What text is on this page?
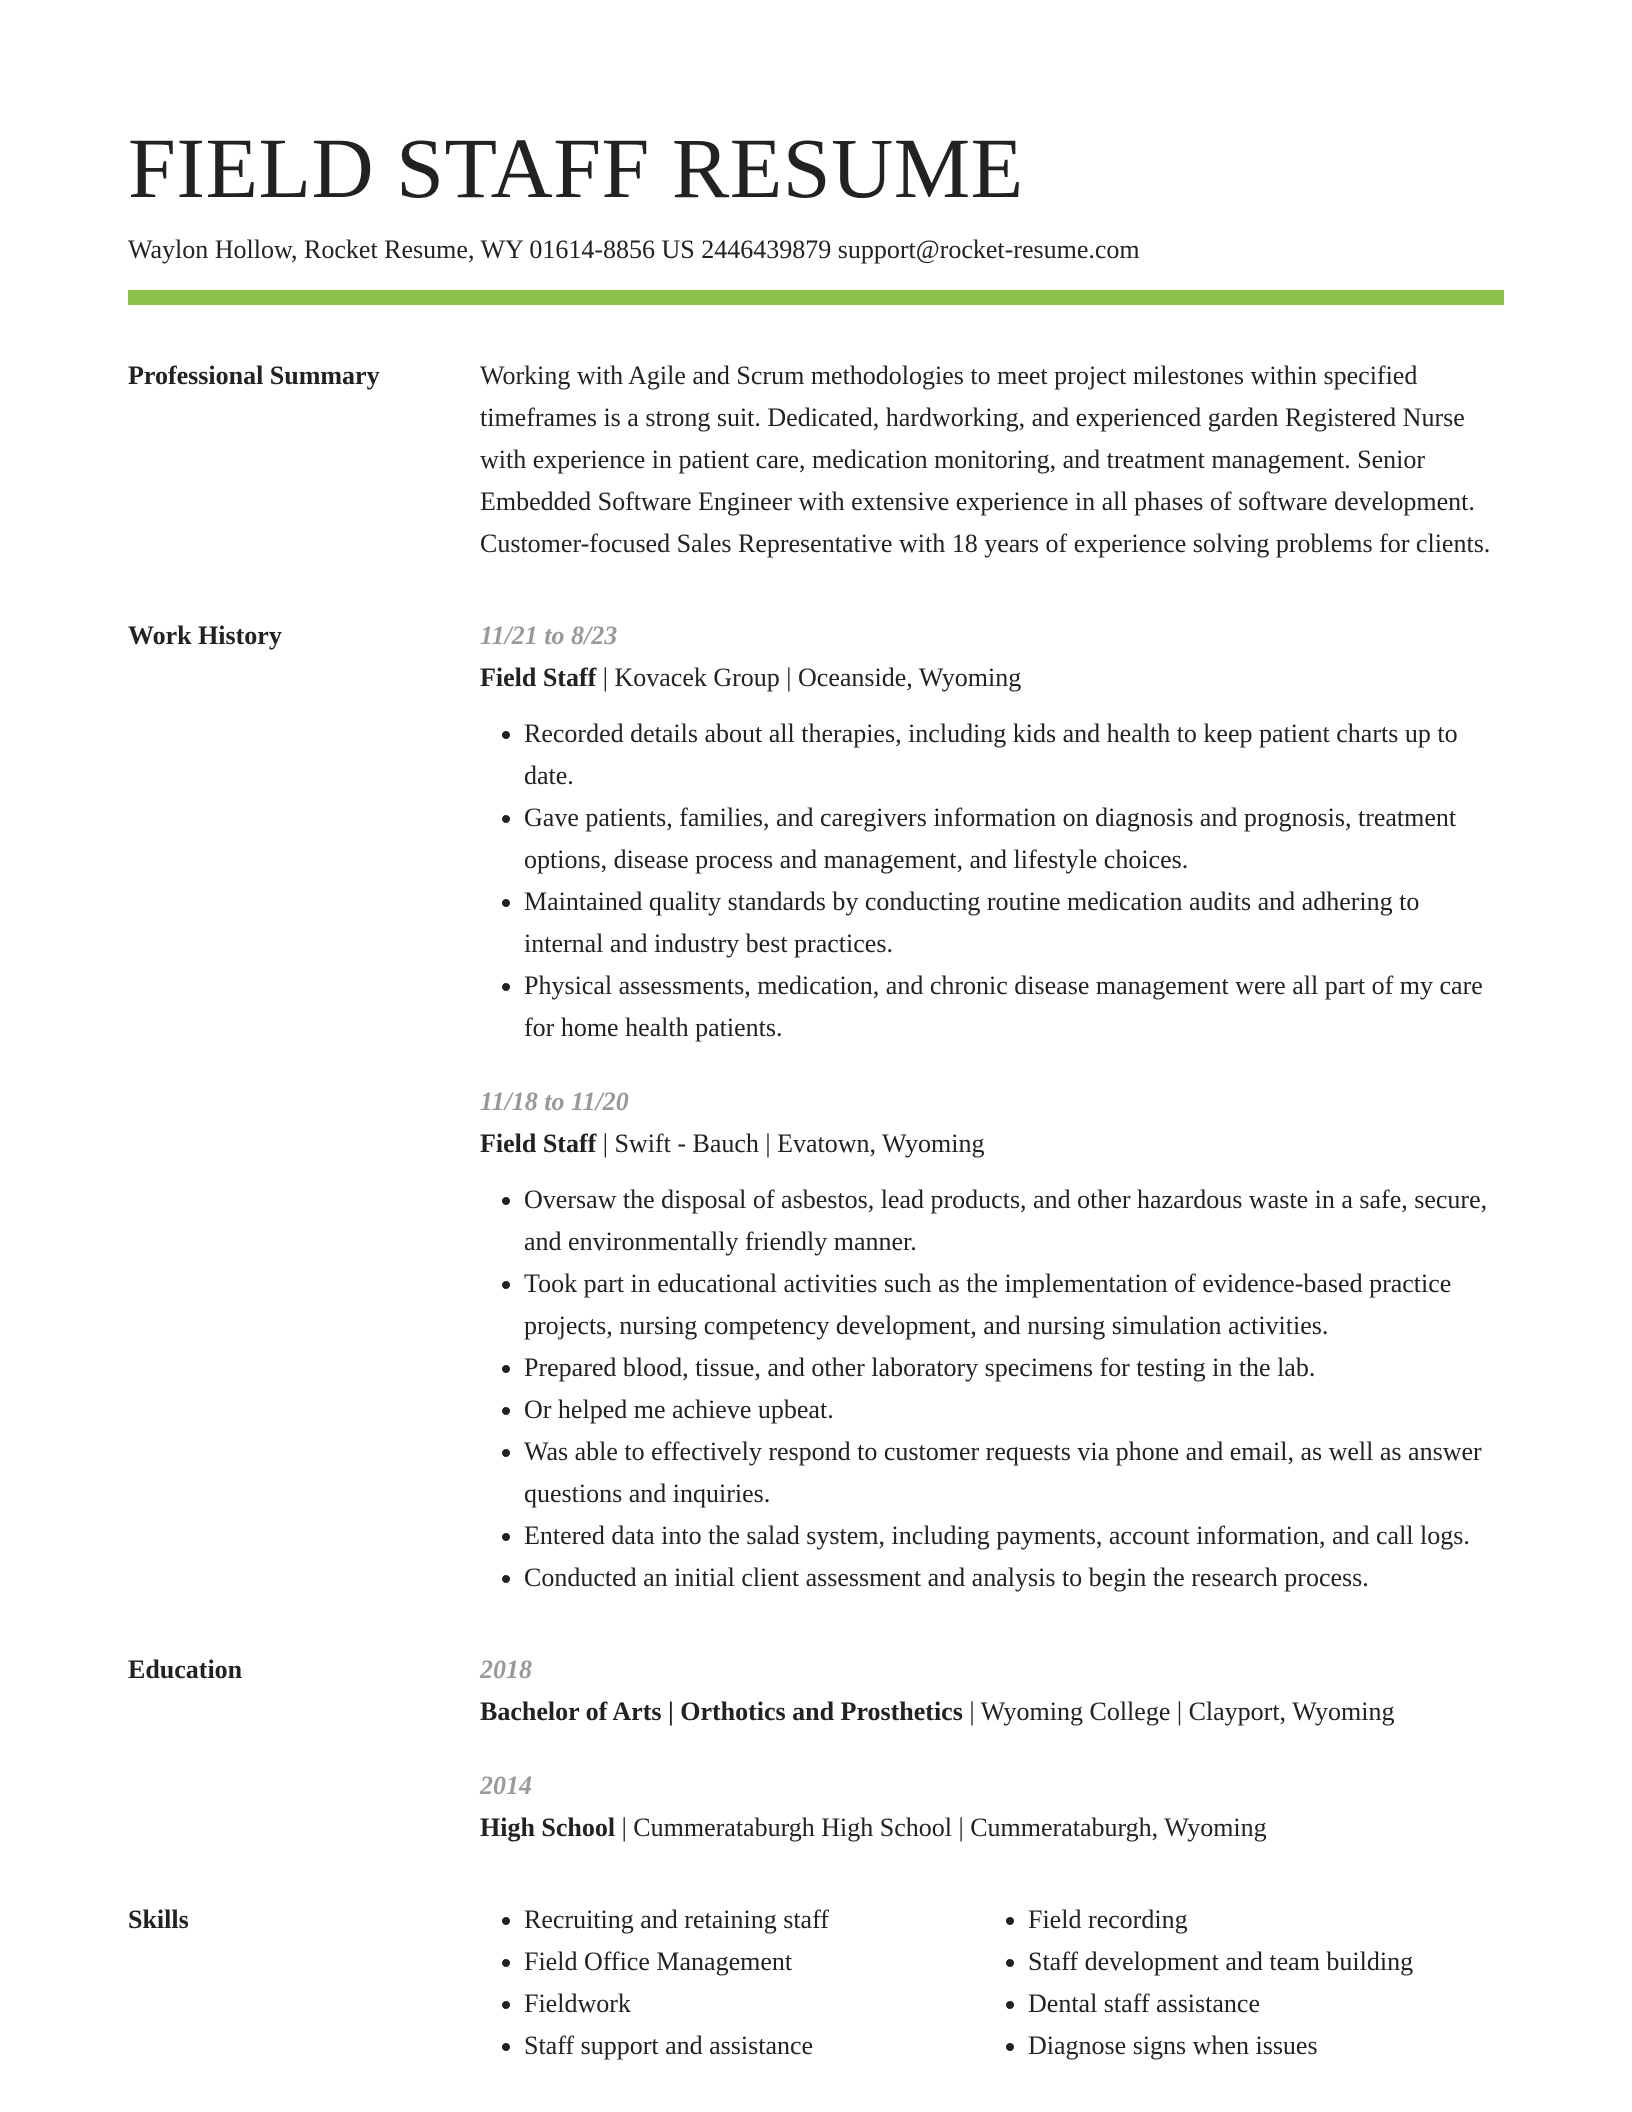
FIELD STAFF RESUME
Waylon Hollow, Rocket Resume, WY 01614-8856 US 2446439879 support@rocket-resume.com
Professional Summary	Working with Agile and Scrum methodologies to meet project milestones within specified timeframes is a strong suit. Dedicated, hardworking, and experienced garden Registered Nurse with experience in patient care, medication monitoring, and treatment management. Senior Embedded Software Engineer with extensive experience in all phases of software development. Customer-focused Sales Representative with 18 years of experience solving problems for clients.
Work History	11/21 to 8/23
Field Staff | Kovacek Group | Oceanside, Wyoming
• Recorded details about all therapies, including kids and health to keep patient charts up to date.
• Gave patients, families, and caregivers information on diagnosis and prognosis, treatment options, disease process and management, and lifestyle choices.
• Maintained quality standards by conducting routine medication audits and adhering to internal and industry best practices.
• Physical assessments, medication, and chronic disease management were all part of my care for home health patients.
11/18 to 11/20
Field Staff | Swift - Bauch | Evatown, Wyoming
• Oversaw the disposal of asbestos, lead products, and other hazardous waste in a safe, secure, and environmentally friendly manner.
• Took part in educational activities such as the implementation of evidence-based practice projects, nursing competency development, and nursing simulation activities.
• Prepared blood, tissue, and other laboratory specimens for testing in the lab.
• Or helped me achieve upbeat.
• Was able to effectively respond to customer requests via phone and email, as well as answer questions and inquiries.
• Entered data into the salad system, including payments, account information, and call logs.
• Conducted an initial client assessment and analysis to begin the research process.
Education	2018
Bachelor of Arts | Orthotics and Prosthetics | Wyoming College | Clayport, Wyoming
2014
High School | Cummerataburgh High School | Cummerataburgh, Wyoming
Skills
•	Recruiting and retaining staff
• Field Office Management
• Fieldwork
• Staff support and assistance
• Field recording
• Staff development and team building
• Dental staff assistance
• Diagnose signs when issues
